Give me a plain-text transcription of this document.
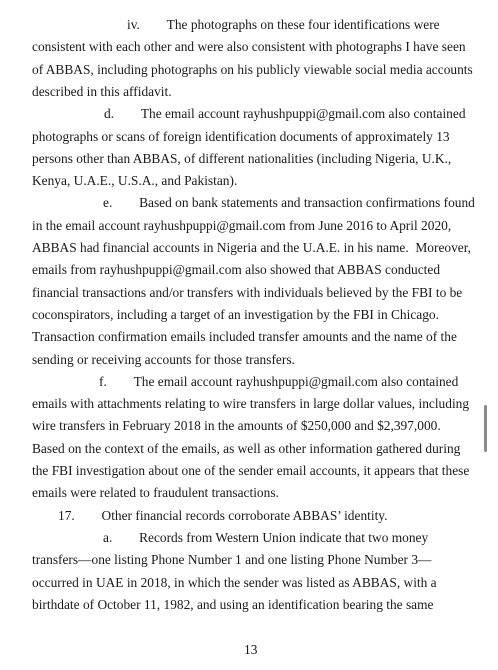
iv.  The photographs on these four identifications were
consistent with each other and were also consistent with photographs I have seen
of ABBAS, including photographs on his publicly viewable social media accounts
described in this affidavit.
d.  The email account rayhushpuppi@gmail.com also contained
photographs or scans of foreign identification documents of approximately 13
persons other than ABBAS, of different nationalities (including Nigeria, U.K.,
Kenya, U.A.E., U.S.A., and Pakistan).
e.  Based on bank statements and transaction confirmations found
in the email account rayhushpuppi@gmail.com from June 2016 to April 2020,
ABBAS had financial accounts in Nigeria and the U.A.E. in his name.  Moreover,
emails from rayhushpuppi@gmail.com also showed that ABBAS conducted
financial transactions and/or transfers with individuals believed by the FBI to be
coconspirators, including a target of an investigation by the FBI in Chicago.
Transaction confirmation emails included transfer amounts and the name of the
sending or receiving accounts for those transfers.
f.  The email account rayhushpuppi@gmail.com also contained
emails with attachments relating to wire transfers in large dollar values, including
wire transfers in February 2018 in the amounts of $250,000 and $2,397,000.
Based on the context of the emails, as well as other information gathered during
the FBI investigation about one of the sender email accounts, it appears that these
emails were related to fraudulent transactions.
17.  Other financial records corroborate ABBAS’ identity.
a.  Records from Western Union indicate that two money
transfers—one listing Phone Number 1 and one listing Phone Number 3—
occurred in UAE in 2018, in which the sender was listed as ABBAS, with a
birthdate of October 11, 1982, and using an identification bearing the same
13
